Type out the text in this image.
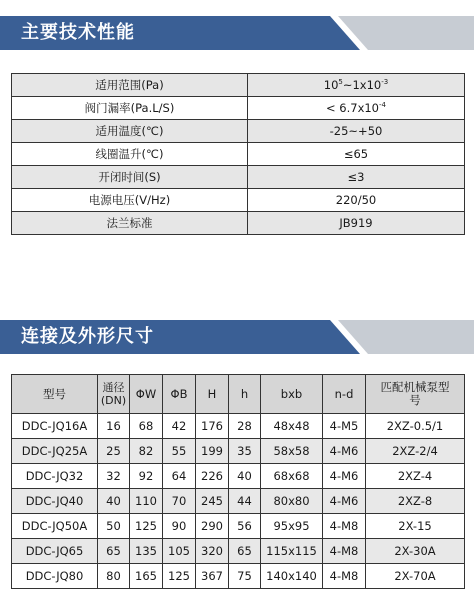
主要技术性能
适用范围(Pa)	$10^5\sim 1x10^{-3}$
阀门漏率(Pa.L/S)	< $6.7x10^{-4}$
适用温度(℃)	-25~+50
线圈温升(℃)	≤65
开闭时间(S)	≤3
电源电压(V/Hz)	220/50
法兰标准	JB919
连接及外形尺寸
型号	通径(DN)	ΦW	ΦB	H	h	bxb	n-d	匹配机械泵型号
DDC-JQ16A	16	68	42	176	28	48x48	4-M5	2XZ-0.5/1
DDC-JQ25A	25	82	55	199	35	58x58	4-M6	2XZ-2/4
DDC-JQ32	32	92	64	226	40	68x68	4-M6	2XZ-4
DDC-JQ40	40	110	70	245	44	80x80	4-M6	2XZ-8
DDC-JQ50A	50	125	90	290	56	95x95	4-M8	2X-15
DDC-JQ65	65	135	105	320	65	115x115	4-M8	2X-30A
DDC-JQ80	80	165	125	367	75	140x140	4-M8	2X-70A
